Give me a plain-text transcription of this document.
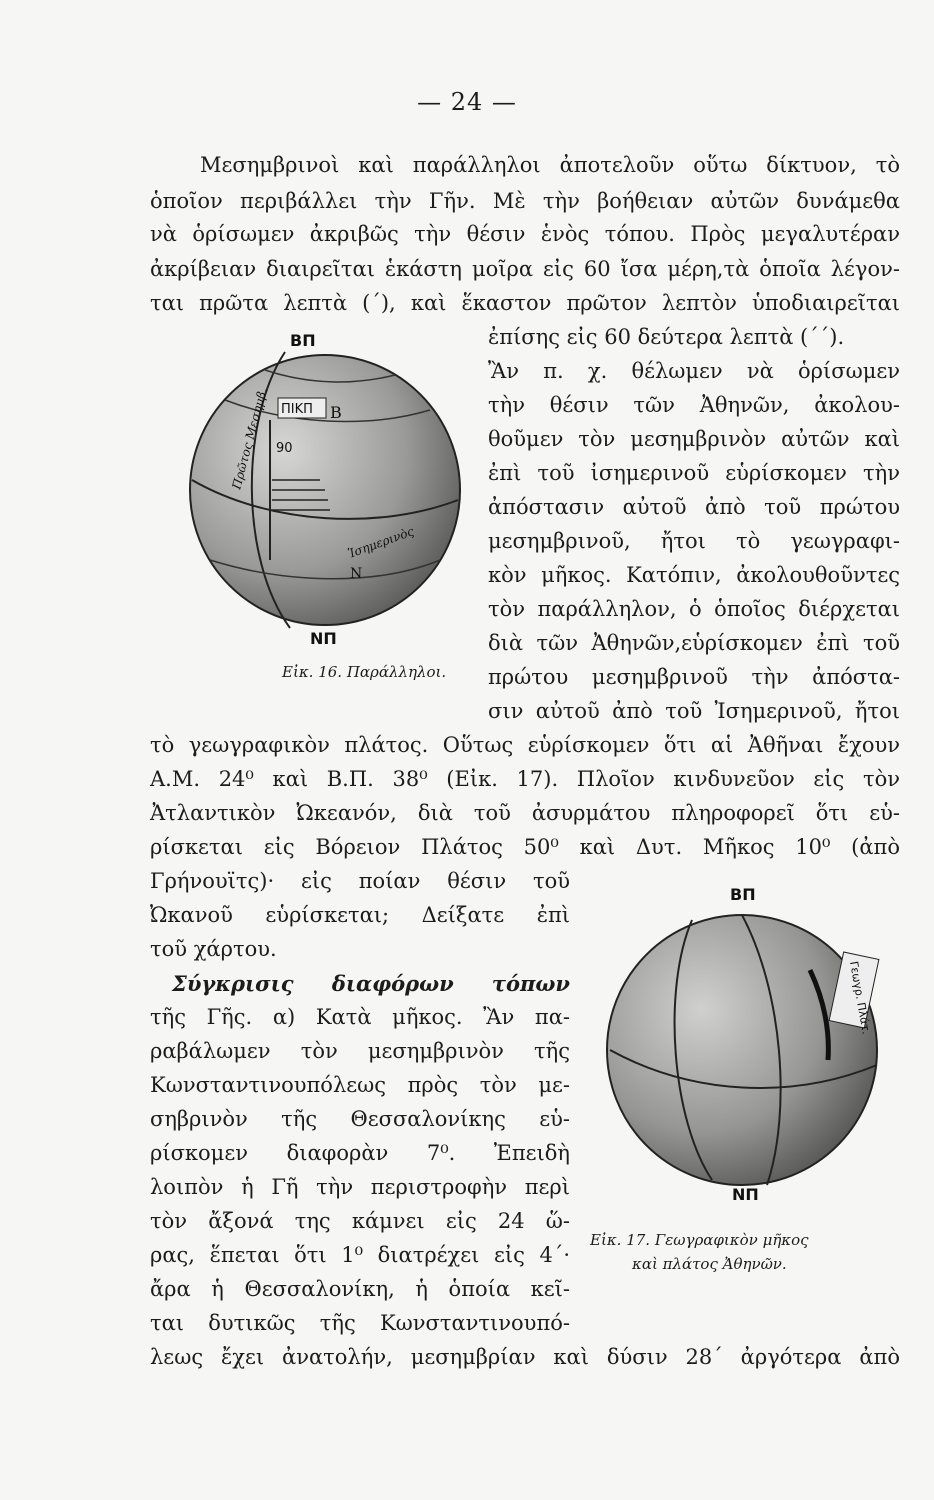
— 24 —
Μεσημβρινοὶ καὶ παράλληλοι ἀποτελοῦν οὕτω δίκτυον, τὸ
ὁποῖον περιβάλλει τὴν Γῆν. Μὲ τὴν βοήθειαν αὐτῶν δυνάμεθα
νὰ ὁρίσωμεν ἀκριβῶς τὴν θέσιν ἑνὸς τόπου. Πρὸς μεγαλυτέραν
ἀκρίβειαν διαιρεῖται ἑκάστη μοῖρα εἰς 60 ἴσα μέρη,τὰ ὁποῖα λέγον-
ται πρῶτα λεπτὰ (΄), καὶ ἕκαστον πρῶτον λεπτὸν ὑποδιαιρεῖται
ἐπίσης εἰς 60 δεύτερα λεπτὰ (΄΄).
Ἂν π. χ. θέλωμεν νὰ ὁρίσωμεν
τὴν θέσιν τῶν Ἀθηνῶν, ἀκολου-
θοῦμεν τὸν μεσημβρινὸν αὐτῶν καὶ
ἐπὶ τοῦ ἰσημερινοῦ εὑρίσκομεν τὴν
ἀπόστασιν αὐτοῦ ἀπὸ τοῦ πρώτου
μεσημβρινοῦ, ἤτοι τὸ γεωγραφι-
κὸν μῆκος. Κατόπιν, ἀκολουθοῦντες
τὸν παράλληλον, ὁ ὁποῖος διέρχεται
διὰ τῶν Ἀθηνῶν,εὑρίσκομεν ἐπὶ τοῦ
πρώτου μεσημβρινοῦ τὴν ἀπόστα-
σιν αὐτοῦ ἀπὸ τοῦ Ἰσημερινοῦ, ἤτοι
τὸ γεωγραφικὸν πλάτος. Οὕτως εὑρίσκομεν ὅτι αἱ Ἀθῆναι ἔχουν
Α.Μ. 24⁰ καὶ Β.Π. 38⁰ (Εἰκ. 17). Πλοῖον κινδυνεῦον εἰς τὸν
Ἀτλαντικὸν Ὠκεανόν, διὰ τοῦ ἀσυρμάτου πληροφορεῖ ὅτι εὑ-
ρίσκεται εἰς Βόρειον Πλάτος 50⁰ καὶ Δυτ. Μῆκος 10⁰ (ἀπὸ
Γρήνουϊτς)· εἰς ποίαν θέσιν τοῦ
Ὠκανοῦ εὑρίσκεται; Δείξατε ἐπὶ
τοῦ χάρτου.
Σύγκρισις διαφόρων τόπων
τῆς Γῆς. α) Κατὰ μῆκος. Ἂν πα-
ραβάλωμεν τὸν μεσημβρινὸν τῆς
Κωνσταντινουπόλεως πρὸς τὸν με-
σηβρινὸν τῆς Θεσσαλονίκης εὑ-
ρίσκομεν διαφορὰν 7⁰. Ἐπειδὴ
λοιπὸν ἡ Γῆ τὴν περιστροφὴν περὶ
τὸν ἄξονά της κάμνει εἰς 24 ὥ-
ρας, ἕπεται ὅτι 1⁰ διατρέχει εἰς 4΄·
ἄρα ἡ Θεσσαλονίκη, ἡ ὁποία κεῖ-
ται δυτικῶς τῆς Κωνσταντινουπό-
λεως ἔχει ἀνατολήν, μεσημβρίαν καὶ δύσιν 28΄ ἀργότερα ἀπὸ
ΠΙΚΠ
ΒΠ
ΝΠ
Β
90
Ν
Ἰσημερινὸς
Πρῶτος Μεσημβ.
Εἰκ. 16. Παράλληλοι.
Γεωγρ. Πλάτ.
ΒΠ
ΝΠ
Εἰκ. 17. Γεωγραφικὸν μῆκος
καὶ πλάτος Ἀθηνῶν.
